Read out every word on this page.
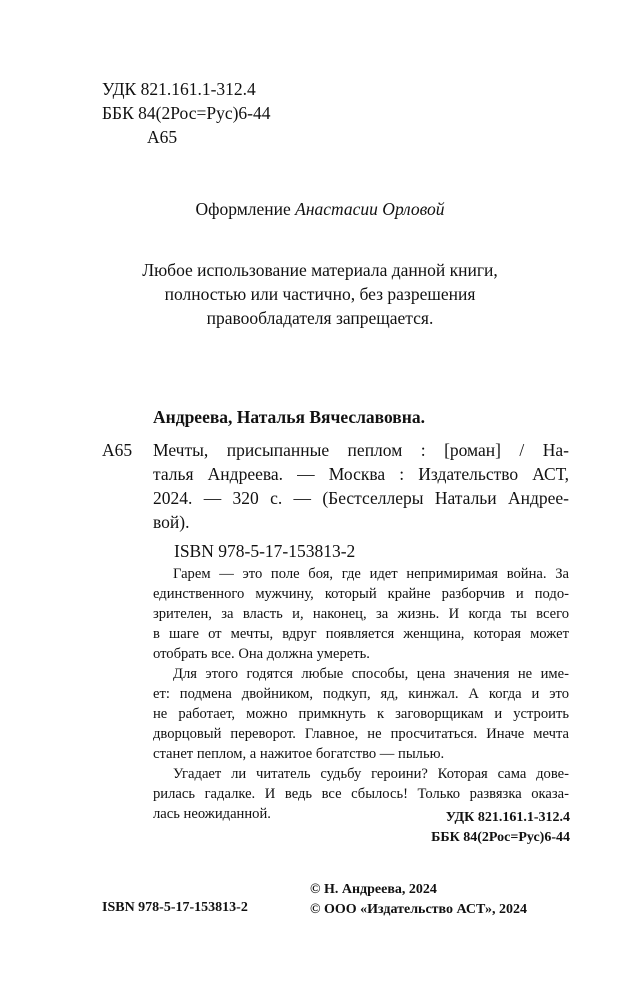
УДК 821.161.1-312.4
ББК 84(2Рос=Рус)6-44
А65
Оформление Анастасии Орловой
Любое использование материала данной книги,
полностью или частично, без разрешения
правообладателя запрещается.
Андреева, Наталья Вячеславовна.
А65 Мечты, присыпанные пеплом : [роман] / На-
талья Андреева. — Москва : Издательство АСТ,
2024. — 320 с. — (Бестселлеры Натальи Андрее-
вой).
ISBN 978-5-17-153813-2
Гарем — это поле боя, где идет непримиримая война. За
единственного мужчину, который крайне разборчив и подо-
зрителен, за власть и, наконец, за жизнь. И когда ты всего
в шаге от мечты, вдруг появляется женщина, которая может
отобрать все. Она должна умереть.
Для этого годятся любые способы, цена значения не име-
ет: подмена двойником, подкуп, яд, кинжал. А когда и это
не работает, можно примкнуть к заговорщикам и устроить
дворцовый переворот. Главное, не просчитаться. Иначе мечта
станет пеплом, а нажитое богатство — пылью.
Угадает ли читатель судьбу героини? Которая сама дове-
рилась гадалке. И ведь все сбылось! Только развязка оказа-
лась неожиданной.	УДК 821.161.1-312.4
ББК 84(2Рос=Рус)6-44
© Н. Андреева, 2024
© ООО «Издательство АСТ», 2024
ISBN 978-5-17-153813-2
